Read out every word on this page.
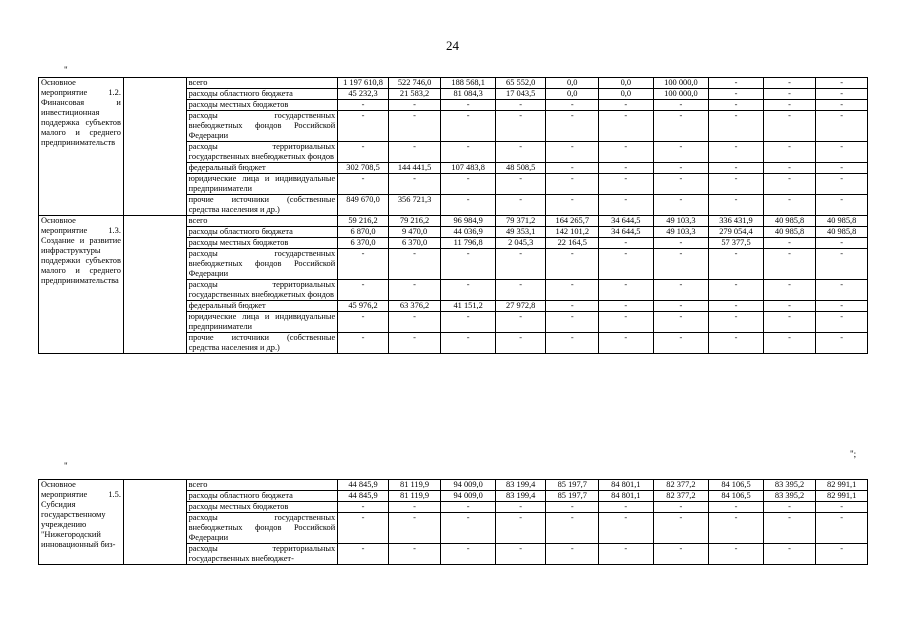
24
"
";
"
Основное мероприятие 1.2. Финансовая и инвестиционная поддержка субъектов малого и среднего предпринимательств		всего	1 197 610,8	522 746,0	188 568,1	65 552,0	0,0	0,0	100 000,0	-	-	-
		расходы областного бюджета	45 232,3	21 583,2	81 084,3	17 043,5	0,0	0,0	100 000,0	-	-	-
		расходы местных бюджетов	-	-	-	-	-	-	-	-	-	-
		расходы государственных внебюджетных фондов Российской Федерации	-	-	-	-	-	-	-	-	-	-
		расходы территориальных государственных внебюджетных фондов	-	-	-	-	-	-	-	-	-	-
		федеральный бюджет	302 708,5	144 441,5	107 483,8	48 508,5	-	-	-	-	-	-
		юридические лица и индивидуальные предприниматели	-	-	-	-	-	-	-	-	-	-
		прочие источники (собственные средства населения и др.)	849 670,0	356 721,3	-	-	-	-	-	-	-	-
Основное мероприятие 1.3. Создание и развитие инфраструктуры поддержки субъектов малого и среднего предпринимательства		всего	59 216,2	79 216,2	96 984,9	79 371,2	164 265,7	34 644,5	49 103,3	336 431,9	40 985,8	40 985,8
		расходы областного бюджета	6 870,0	9 470,0	44 036,9	49 353,1	142 101,2	34 644,5	49 103,3	279 054,4	40 985,8	40 985,8
		расходы местных бюджетов	6 370,0	6 370,0	11 796,8	2 045,3	22 164,5	-	-	57 377,5	-	-
		расходы государственных внебюджетных фондов Российской Федерации	-	-	-	-	-	-	-	-	-	-
		расходы территориальных государственных внебюджетных фондов	-	-	-	-	-	-	-	-	-	-
		федеральный бюджет	45 976,2	63 376,2	41 151,2	27 972,8	-	-	-	-	-	-
		юридические лица и индивидуальные предприниматели	-	-	-	-	-	-	-	-	-	-
		прочие источники (собственные средства населения и др.)	-	-	-	-	-	-	-	-	-	-
Основное мероприятие 1.5. Субсидия государственному учреждению "Нижегородский инновационный биз-		всего	44 845,9	81 119,9	94 009,0	83 199,4	85 197,7	84 801,1	82 377,2	84 106,5	83 395,2	82 991,1
		расходы областного бюджета	44 845,9	81 119,9	94 009,0	83 199,4	85 197,7	84 801,1	82 377,2	84 106,5	83 395,2	82 991,1
		расходы местных бюджетов	-	-	-	-	-	-	-	-	-	-
		расходы государственных внебюджетных фондов Российской Федерации	-	-	-	-	-	-	-	-	-	-
		расходы территориальных государственных внебюджет-	-	-	-	-	-	-	-	-	-	-
